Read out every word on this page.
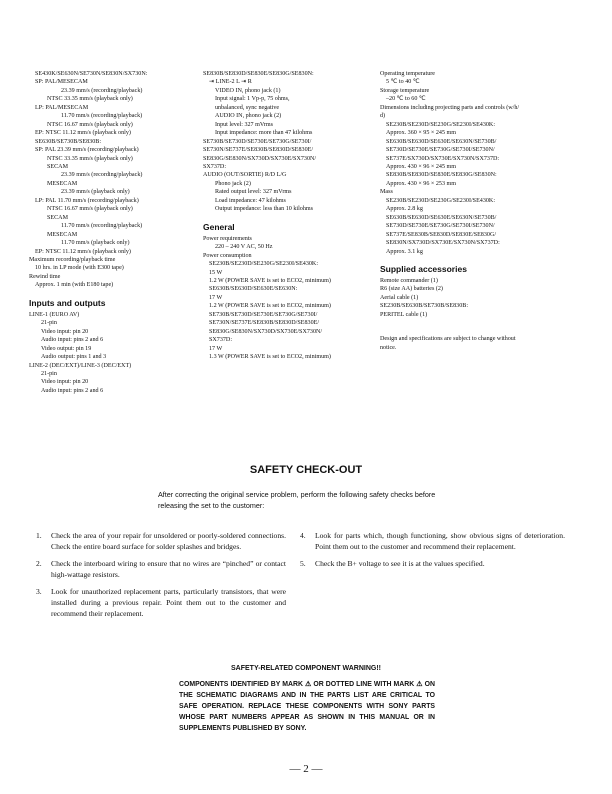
SE430K/SE630N/SE730N/SE830N/SX730N:
SP: PAL/MESECAM
23.39 mm/s (recording/playback)
NTSC 33.35 mm/s (playback only)
LP: PAL/MESECAM
11.70 mm/s (recording/playback)
NTSC 16.67 mm/s (playback only)
EP: NTSC 11.12 mm/s (playback only)
SE630B/SE730B/SE830B:
SP: PAL 23.39 mm/s (recording/playback)
NTSC 33.35 mm/s (playback only)
SECAM
23.39 mm/s (recording/playback)
MESECAM
23.39 mm/s (playback only)
LP: PAL 11.70 mm/s (recording/playback)
NTSC 16.67 mm/s (playback only)
SECAM
11.70 mm/s (recording/playback)
MESECAM
11.70 mm/s (playback only)
EP: NTSC 11.12 mm/s (playback only)
Maximum recording/playback time
10 hrs. in LP mode (with E300 tape)
Rewind time
Approx. 1 min (with E180 tape)
Inputs and outputs
LINE-1 (EURO AV)
21-pin
Video input: pin 20
Audio input: pins 2 and 6
Video output: pin 19
Audio output: pins 1 and 3
LINE-2 (DEC/EXT)/LINE-3 (DEC/EXT)
21-pin
Video input: pin 20
Audio input: pins 2 and 6
SE830B/SE830D/SE830E/SE830G/SE830N:
⇥ LINE-2 L ⇥ R
VIDEO IN, phono jack (1)
Input signal: 1 Vp-p, 75 ohms,
unbalanced, sync negative
AUDIO IN, phono jack (2)
Input level: 327 mVrms
Input impedance: more than 47 kilohms
SE730B/SE730D/SE730E/SE730G/SE730I/
SE730N/SE737E/SE830B/SE830D/SE830E/
SE830G/SE830N/SX730D/SX730E/SX730N/
SX737D:
AUDIO (OUT/SORTIE) R/D L/G
Phono jack (2)
Rated output level: 327 mVrms
Load impedance: 47 kilohms
Output impedance: less than 10 kilohms
General
Power requirements
220 – 240 V AC, 50 Hz
Power consumption
SE230B/SE230D/SE230G/SE230I/SE430K:
15 W
1.2 W (POWER SAVE is set to ECO2, minimum)
SE630B/SE630D/SE630E/SE630N:
17 W
1.2 W (POWER SAVE is set to ECO2, minimum)
SE730B/SE730D/SE730E/SE730G/SE730I/
SE730N/SE737E/SE830B/SE830D/SE830E/
SE830G/SE830N/SX730D/SX730E/SX730N/
SX737D:
17 W
1.3 W (POWER SAVE is set to ECO2, minimum)
Operating temperature
5 ℃ to 40 ℃
Storage temperature
–20 ℃ to 60 ℃
Dimensions including projecting parts and controls (w/h/
d)
SE230B/SE230D/SE230G/SE230I/SE430K:
Approx. 360 × 95 × 245 mm
SE630B/SE630D/SE630E/SE630N/SE730B/
SE730D/SE730E/SE730G/SE730I/SE730N/
SE737E/SX730D/SX730E/SX730N/SX737D:
Approx. 430 × 96 × 245 mm
SE830B/SE830D/SE830E/SE830G/SE830N:
Approx. 430 × 96 × 253 mm
Mass
SE230B/SE230D/SE230G/SE230I/SE430K:
Approx. 2.8 kg
SE630B/SE630D/SE630E/SE630N/SE730B/
SE730D/SE730E/SE730G/SE730I/SE730N/
SE737E/SE830B/SE830D/SE830E/SE830G/
SE830N/SX730D/SX730E/SX730N/SX737D:
Approx. 3.1 kg
Supplied accessories
Remote commander (1)
R6 (size AA) batteries (2)
Aerial cable (1)
SE230B/SE630B/SE730B/SE830B:
PERITEL cable (1)
Design and specifications are subject to change without
notice.
SAFETY CHECK-OUT
After correcting the original service problem, perform the following safety checks before releasing the set to the customer:
1.	Check the area of your repair for unsoldered or poorly-soldered connections. Check the entire board surface for solder splashes and bridges.
2.	Check the interboard wiring to ensure that no wires are “pinched” or contact high-wattage resistors.
3.	Look for unauthorized replacement parts, particularly transistors, that were installed during a previous repair. Point them out to the customer and recommend their replacement.
4.	Look for parts which, though functioning, show obvious signs of deterioration. Point them out to the customer and recommend their replacement.
5.	Check the B+ voltage to see it is at the values specified.
SAFETY-RELATED COMPONENT WARNING!!
COMPONENTS IDENTIFIED BY MARK ⚠ OR DOTTED LINE WITH MARK ⚠ ON THE SCHEMATIC DIAGRAMS AND IN THE PARTS LIST ARE CRITICAL TO SAFE OPERATION. REPLACE THESE COMPONENTS WITH SONY PARTS WHOSE PART NUMBERS APPEAR AS SHOWN IN THIS MANUAL OR IN SUPPLEMENTS PUBLISHED BY SONY.
— 2 —
